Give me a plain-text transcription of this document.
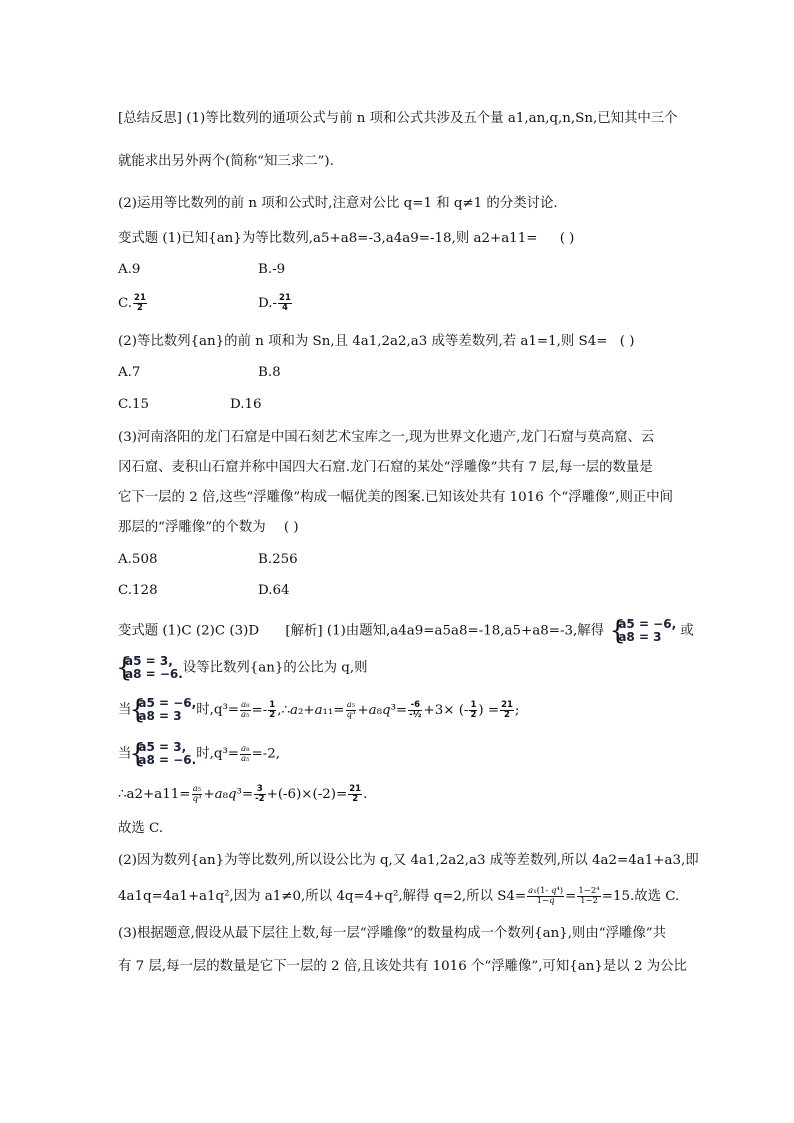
[总结反思] (1)等比数列的通项公式与前 n 项和公式共涉及五个量 a1,an,q,n,Sn,已知其中三个
就能求出另外两个(简称“知三求二”).
(2)运用等比数列的前 n 项和公式时,注意对公比 q=1 和 q≠1 的分类讨论.
变式题 (1)已知{an}为等比数列,a5+a8=-3,a4a9=-18,则 a2+a11= ( )
A.9	B.-9
C. $\frac{21}{2}$	$D.- \frac{21}{4}$
(2)等比数列{an}的前 n 项和为 Sn,且 4a1,2a2,a3 成等差数列,若 a1=1,则 S4= ( )
A.7	B.8
C.15	D.16
(3)河南洛阳的龙门石窟是中国石刻艺术宝库之一,现为世界文化遗产,龙门石窟与莫高窟、云
冈石窟、麦积山石窟并称中国四大石窟.龙门石窟的某处“浮雕像”共有 7 层,每一层的数量是
它下一层的 2 倍,这些“浮雕像”构成一幅优美的图案.已知该处共有 1016 个“浮雕像”,则正中间
那层的“浮雕像”的个数为 ( )
A.508	B.256
C.128	D.64
变式题 (1)C (2)C (3)D [解析] (1)由题知,a4a9=a5a8=-18,a5+a8=-3,解得 { a5 = −6,
a8 = 3	或
{ a5 = 3,
a8 = −6. 设等比数列{an}的公比为 q,则
当 { a5 = −6,
a8 = 3	时$,q^3= \frac{\text{a₈}}{\text{a₅}} =- \frac{1}{2}$ ,∴a₂+a₁₁= $\frac{\text{a₅}}{\text{q³}} +a_8q^3= \frac{-6}{\text{-½}} +3\times$ (- $\frac{1}{2}$ ) = $\frac{21}{2}$ ;
当 { a5 = 3,
a8 = −6. 时$,q^3= \frac{\text{a₈}}{\text{a₅}} =-2$,
∴a2+a11= $\frac{\text{a₅}}{\text{q³}} +a_8q^3= \frac{3}{-2} +(-6)\times(-2)= \frac{21}{2}$ .
故选 C.
(2)因为数列{an}为等比数列,所以设公比为 q,又 4a1,2a2,a3 成等差数列,所以 4a2=4a1+a3,即
4a1q=4a1+a1q²,因为 a1≠0,所以 4q=4+q²,解得 q=2,所以 $S4= \frac{\text{a₁(1- q⁴)}}{1-q} = \frac{\text{1−2⁴}}{1-2} =15$.故选 C.
(3)根据题意,假设从最下层往上数,每一层“浮雕像”的数量构成一个数列{an},则由“浮雕像”共
有 7 层,每一层的数量是它下一层的 2 倍,且该处共有 1016 个“浮雕像”,可知{an}是以 2 为公比
